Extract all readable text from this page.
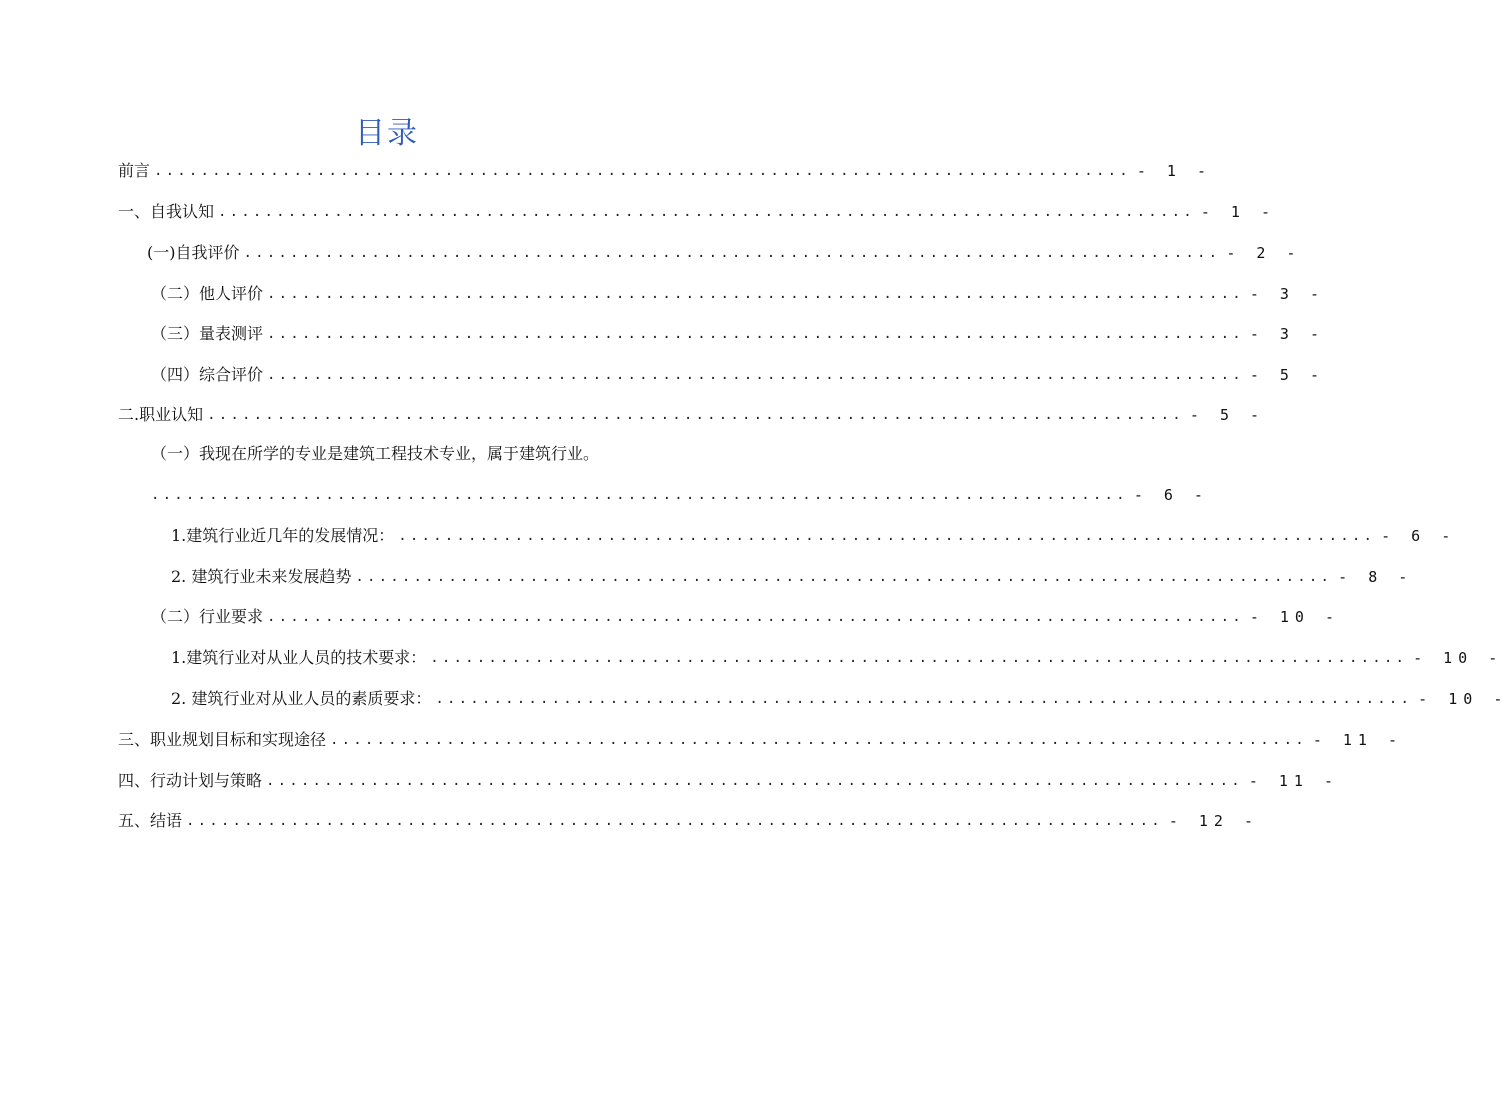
目录
前言 .................................................................................... - 1 -
一、自我认知 .................................................................................... - 1 -
(一)自我评价 .................................................................................... - 2 -
（二）他人评价 .................................................................................... - 3 -
（三）量表测评 .................................................................................... - 3 -
（四）综合评价 .................................................................................... - 5 -
二.职业认知 .................................................................................... - 5 -
（一）我现在所学的专业是建筑工程技术专业，属于建筑行业。
.................................................................................... - 6 -
1.建筑行业近几年的发展情况： .................................................................................... - 6 -
2. 建筑行业未来发展趋势 .................................................................................... - 8 -
（二）行业要求 .................................................................................... - 10 -
1.建筑行业对从业人员的技术要求： .................................................................................... - 10 -
2. 建筑行业对从业人员的素质要求： .................................................................................... - 10 -
三、职业规划目标和实现途径 .................................................................................... - 11 -
四、行动计划与策略 .................................................................................... - 11 -
五、结语 .................................................................................... - 12 -
